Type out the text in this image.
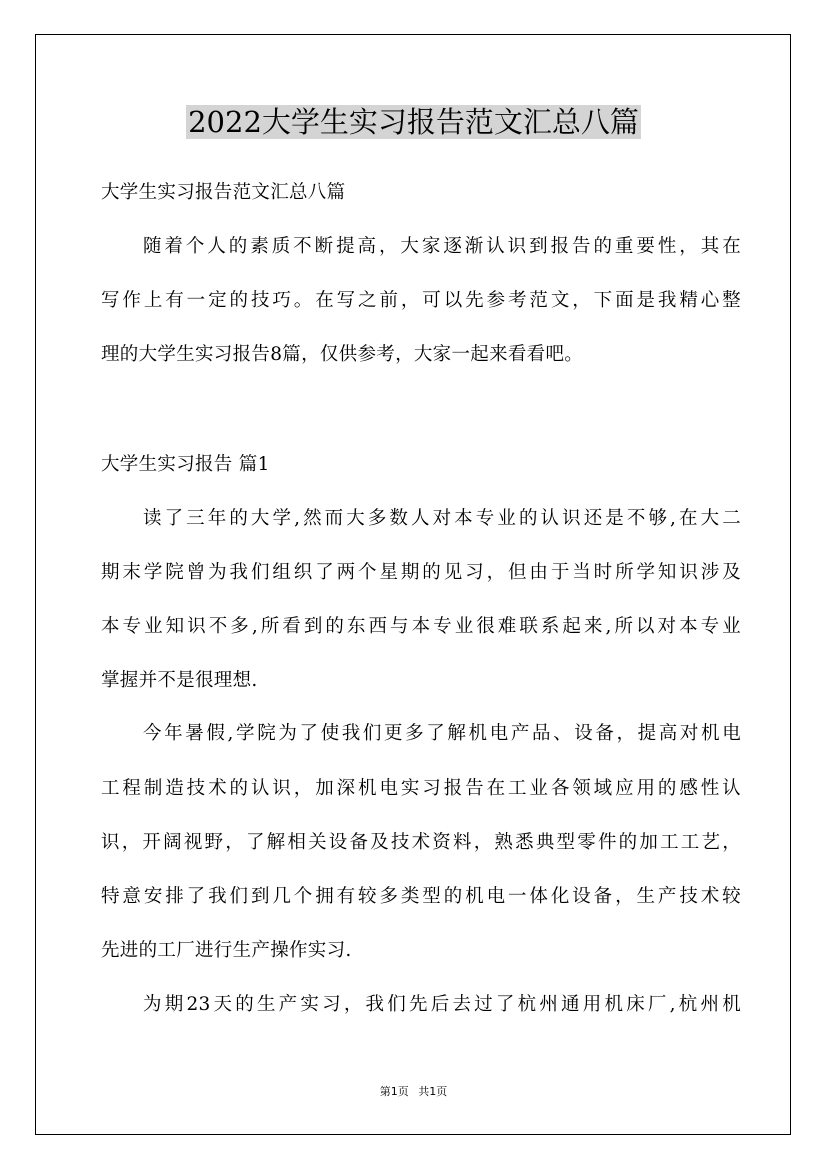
2022大学生实习报告范文汇总八篇
大学生实习报告范文汇总八篇
随着个人的素质不断提高，大家逐渐认识到报告的重要性，其在
写作上有一定的技巧。在写之前，可以先参考范文，下面是我精心整
理的大学生实习报告8篇，仅供参考，大家一起来看看吧。
大学生实习报告 篇1
读了三年的大学,然而大多数人对本专业的认识还是不够,在大二
期末学院曾为我们组织了两个星期的见习，但由于当时所学知识涉及
本专业知识不多,所看到的东西与本专业很难联系起来,所以对本专业
掌握并不是很理想.
今年暑假,学院为了使我们更多了解机电产品、设备，提高对机电
工程制造技术的认识，加深机电实习报告在工业各领域应用的感性认
识，开阔视野，了解相关设备及技术资料，熟悉典型零件的加工工艺，
特意安排了我们到几个拥有较多类型的机电一体化设备，生产技术较
先进的工厂进行生产操作实习.
为期23天的生产实习，我们先后去过了杭州通用机床厂,杭州机
第1页 共1页
